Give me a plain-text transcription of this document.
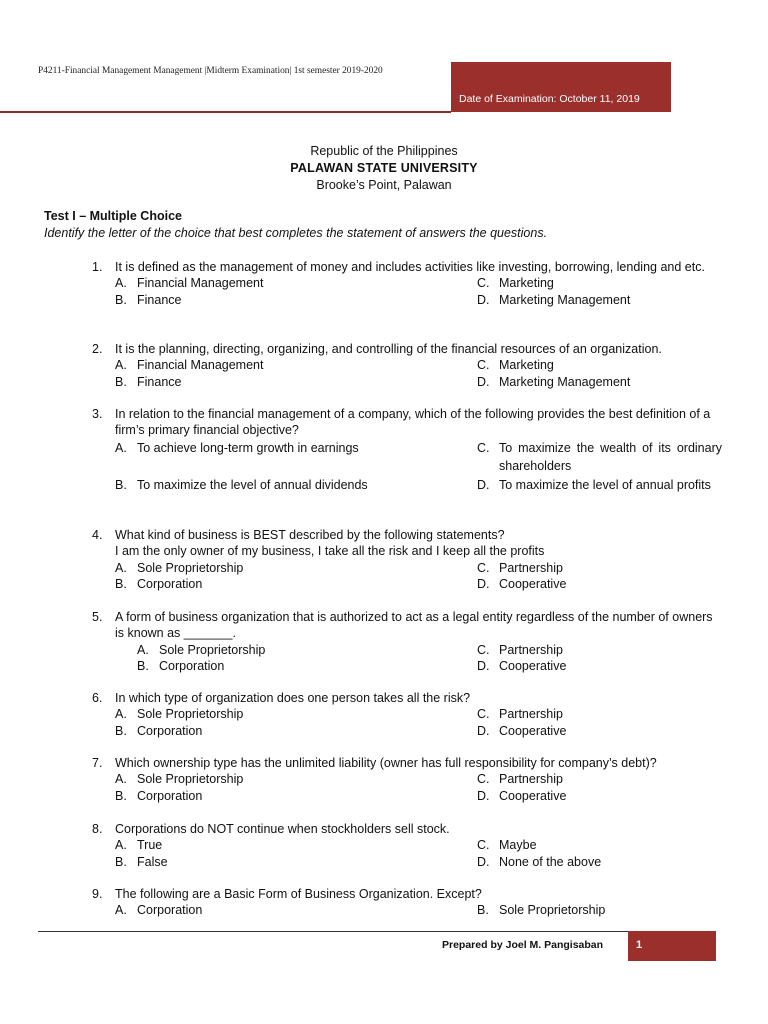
P4211-Financial Management Management |Midterm Examination| 1st semester 2019-2020
Date of Examination: October 11, 2019
Republic of the Philippines
PALAWAN STATE UNIVERSITY
Brooke’s Point, Palawan
Test I – Multiple Choice
Identify the letter of the choice that best completes the statement of answers the questions.
1. It is defined as the management of money and includes activities like investing, borrowing, lending and etc.
A. Financial Management	C. Marketing
B. Finance	D. Marketing Management
2. It is the planning, directing, organizing, and controlling of the financial resources of an organization.
A. Financial Management	C. Marketing
B. Finance	D. Marketing Management
3. In relation to the financial management of a company, which of the following provides the best definition of a firm’s primary financial objective?
A. To achieve long-term growth in earnings	C. To maximize the wealth of its ordinary shareholders
B. To maximize the level of annual dividends	D. To maximize the level of annual profits
4. What kind of business is BEST described by the following statements?
I am the only owner of my business, I take all the risk and I keep all the profits
A. Sole Proprietorship	C. Partnership
B. Corporation	D. Cooperative
5. A form of business organization that is authorized to act as a legal entity regardless of the number of owners is known as _______.
A. Sole Proprietorship	C. Partnership
B. Corporation	D. Cooperative
6. In which type of organization does one person takes all the risk?
A. Sole Proprietorship	C. Partnership
B. Corporation	D. Cooperative
7. Which ownership type has the unlimited liability (owner has full responsibility for company’s debt)?
A. Sole Proprietorship	C. Partnership
B. Corporation	D. Cooperative
8. Corporations do NOT continue when stockholders sell stock.
A. True	C. Maybe
B. False	D. None of the above
9. The following are a Basic Form of Business Organization. Except?
A. Corporation	B. Sole Proprietorship
Prepared by Joel M. Pangisaban	1
